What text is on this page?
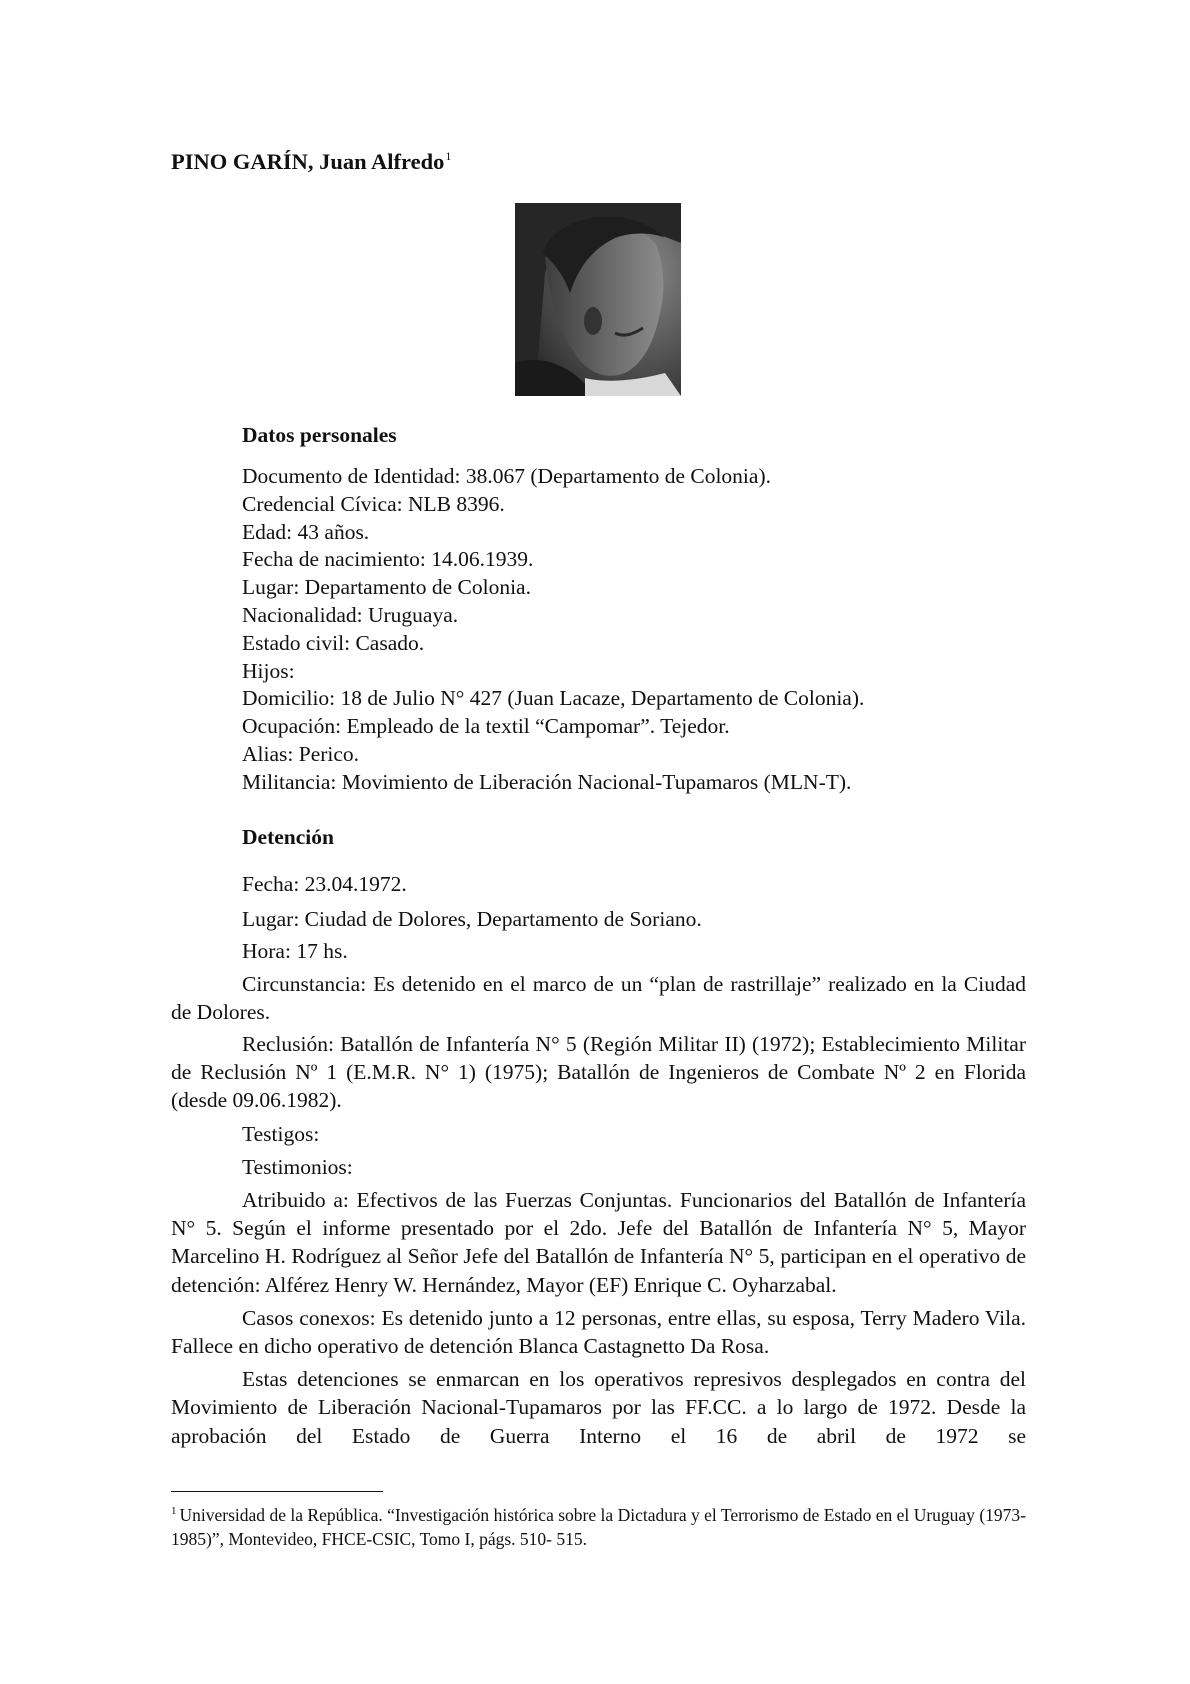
PINO GARÍN, Juan Alfredo$^1$
Datos personales
Documento de Identidad: 38.067 (Departamento de Colonia).
Credencial Cívica: NLB 8396.
Edad: 43 años.
Fecha de nacimiento: 14.06.1939.
Lugar: Departamento de Colonia.
Nacionalidad: Uruguaya.
Estado civil: Casado.
Hijos:
Domicilio: 18 de Julio N° 427 (Juan Lacaze, Departamento de Colonia).
Ocupación: Empleado de la textil “Campomar”. Tejedor.
Alias: Perico.
Militancia: Movimiento de Liberación Nacional-Tupamaros (MLN-T).
Detención

Fecha: 23.04.1972.

Lugar: Ciudad de Dolores, Departamento de Soriano.

Hora: 17 hs.

Circunstancia: Es detenido en el marco de un “plan de rastrillaje” realizado en la Ciudad de Dolores.

Reclusión: Batallón de Infantería N° 5 (Región Militar II) (1972); Establecimiento Militar de Reclusión Nº 1 (E.M.R. N° 1) (1975); Batallón de Ingenieros de Combate Nº 2 en Florida (desde 09.06.1982).

Testigos:

Testimonios:

Atribuido a: Efectivos de las Fuerzas Conjuntas. Funcionarios del Batallón de Infantería N° 5. Según el informe presentado por el 2do. Jefe del Batallón de Infantería N° 5, Mayor Marcelino H. Rodríguez al Señor Jefe del Batallón de Infantería N° 5, participan en el operativo de detención: Alférez Henry W. Hernández, Mayor (EF) Enrique C. Oyharzabal.

Casos conexos: Es detenido junto a 12 personas, entre ellas, su esposa, Terry Madero Vila. Fallece en dicho operativo de detención Blanca Castagnetto Da Rosa.

Estas detenciones se enmarcan en los operativos represivos desplegados en contra del Movimiento de Liberación Nacional-Tupamaros por las FF.CC. a lo largo de 1972. Desde la aprobación del Estado de Guerra Interno el 16 de abril de 1972 se

$^1$ Universidad de la República. “Investigación histórica sobre la Dictadura y el Terrorismo de Estado en el Uruguay (1973-1985)”, Montevideo, FHCE-CSIC, Tomo I, págs. 510- 515.
